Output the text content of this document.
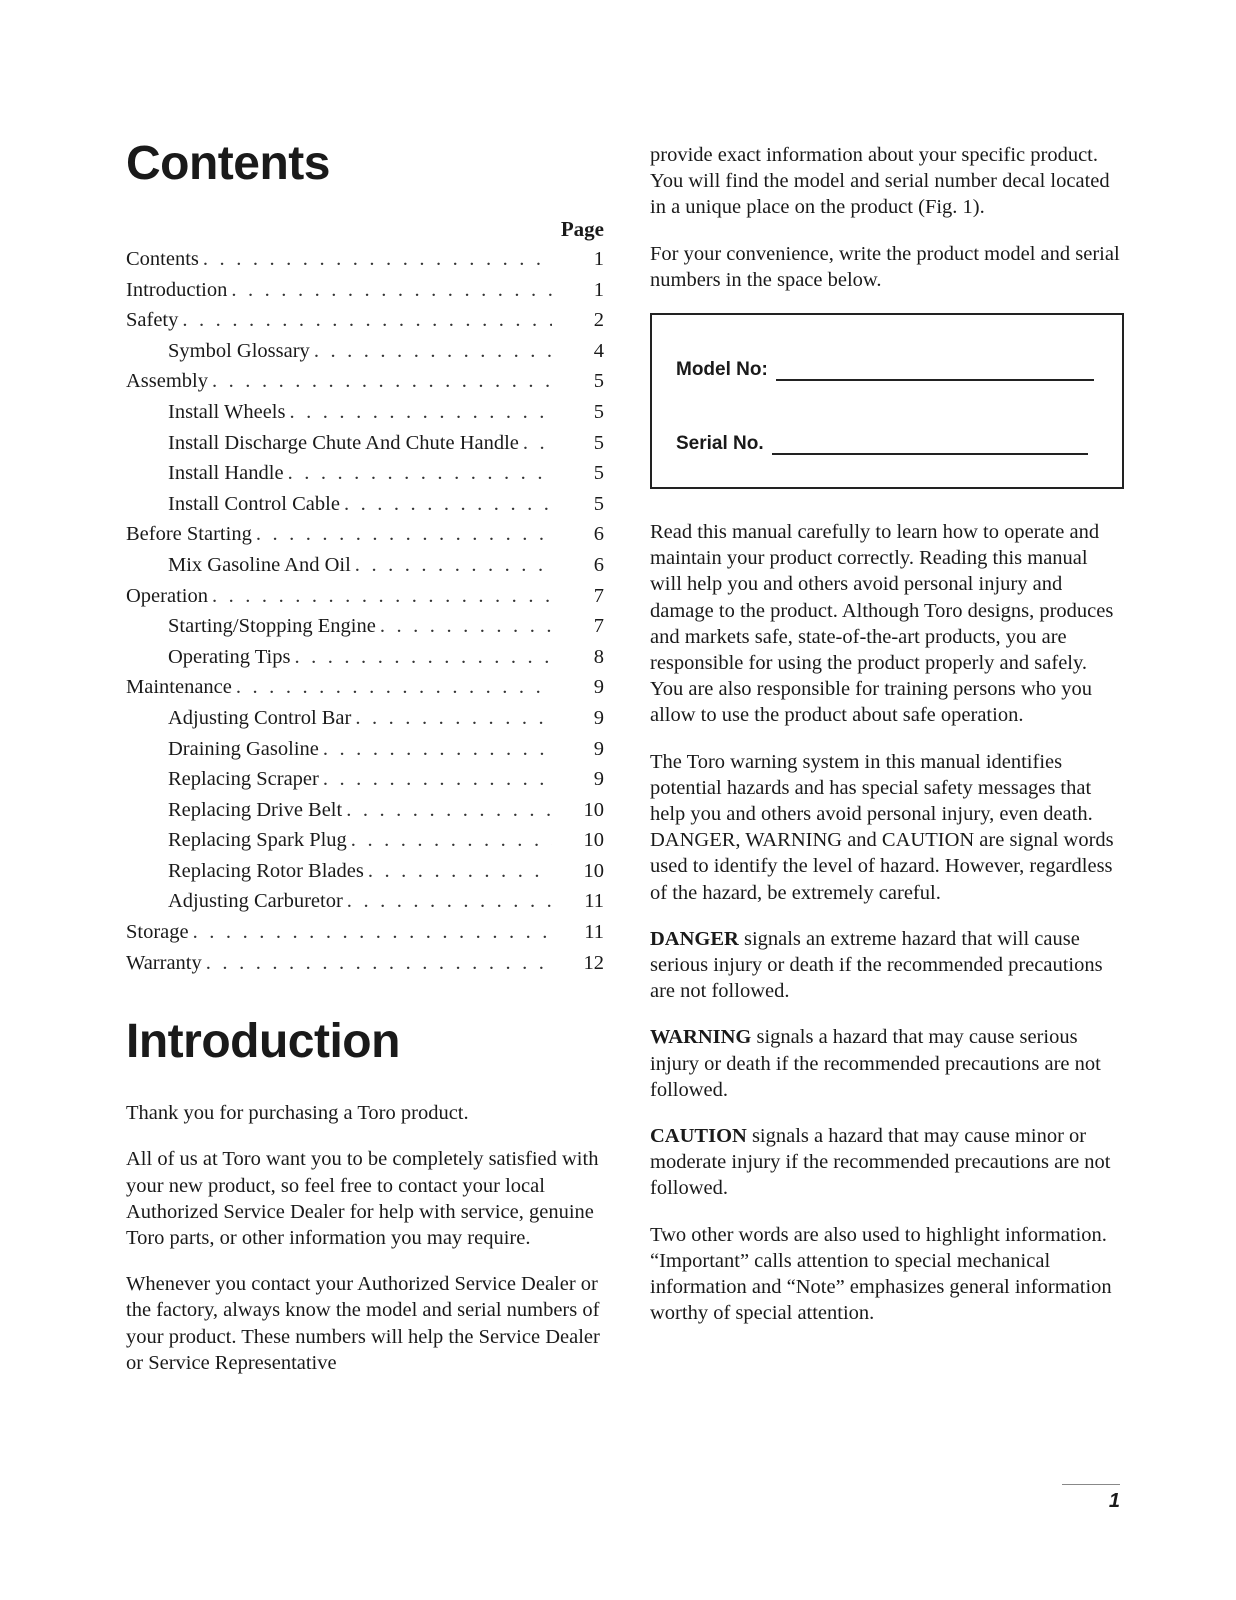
Contents
Page
Contents . . .	1
Introduction . . .	1
Safety . . .	2
Symbol Glossary . . .	4
Assembly . . .	5
Install Wheels . . .	5
Install Discharge Chute And Chute Handle . . .	5
Install Handle . . .	5
Install Control Cable . . .	5
Before Starting . . .	6
Mix Gasoline And Oil . . .	6
Operation . . .	7
Starting/Stopping Engine . . .	7
Operating Tips . . .	8
Maintenance . . .	9
Adjusting Control Bar . . .	9
Draining Gasoline . . .	9
Replacing Scraper . . .	9
Replacing Drive Belt . . .	10
Replacing Spark Plug . . .	10
Replacing Rotor Blades . . .	10
Adjusting Carburetor . . .	11
Storage . . .	11
Warranty . . .	12
Introduction

Thank you for purchasing a Toro product.

All of us at Toro want you to be completely satisfied with your new product, so feel free to contact your local Authorized Service Dealer for help with service, genuine Toro parts, or other information you may require.

Whenever you contact your Authorized Service Dealer or the factory, always know the model and serial numbers of your product. These numbers will help the Service Dealer or Service Representative

provide exact information about your specific product. You will find the model and serial number decal located in a unique place on the product (Fig. 1).

For your convenience, write the product model and serial numbers in the space below.

Model No:
Serial No.

Read this manual carefully to learn how to operate and maintain your product correctly. Reading this manual will help you and others avoid personal injury and damage to the product. Although Toro designs, produces and markets safe, state-of-the-art products, you are responsible for using the product properly and safely. You are also responsible for training persons who you allow to use the product about safe operation.

The Toro warning system in this manual identifies potential hazards and has special safety messages that help you and others avoid personal injury, even death. DANGER, WARNING and CAUTION are signal words used to identify the level of hazard. However, regardless of the hazard, be extremely careful.

DANGER signals an extreme hazard that will cause serious injury or death if the recommended precautions are not followed.

WARNING signals a hazard that may cause serious injury or death if the recommended precautions are not followed.

CAUTION signals a hazard that may cause minor or moderate injury if the recommended precautions are not followed.

Two other words are also used to highlight information. “Important” calls attention to special mechanical information and “Note” emphasizes general information worthy of special attention.

1
